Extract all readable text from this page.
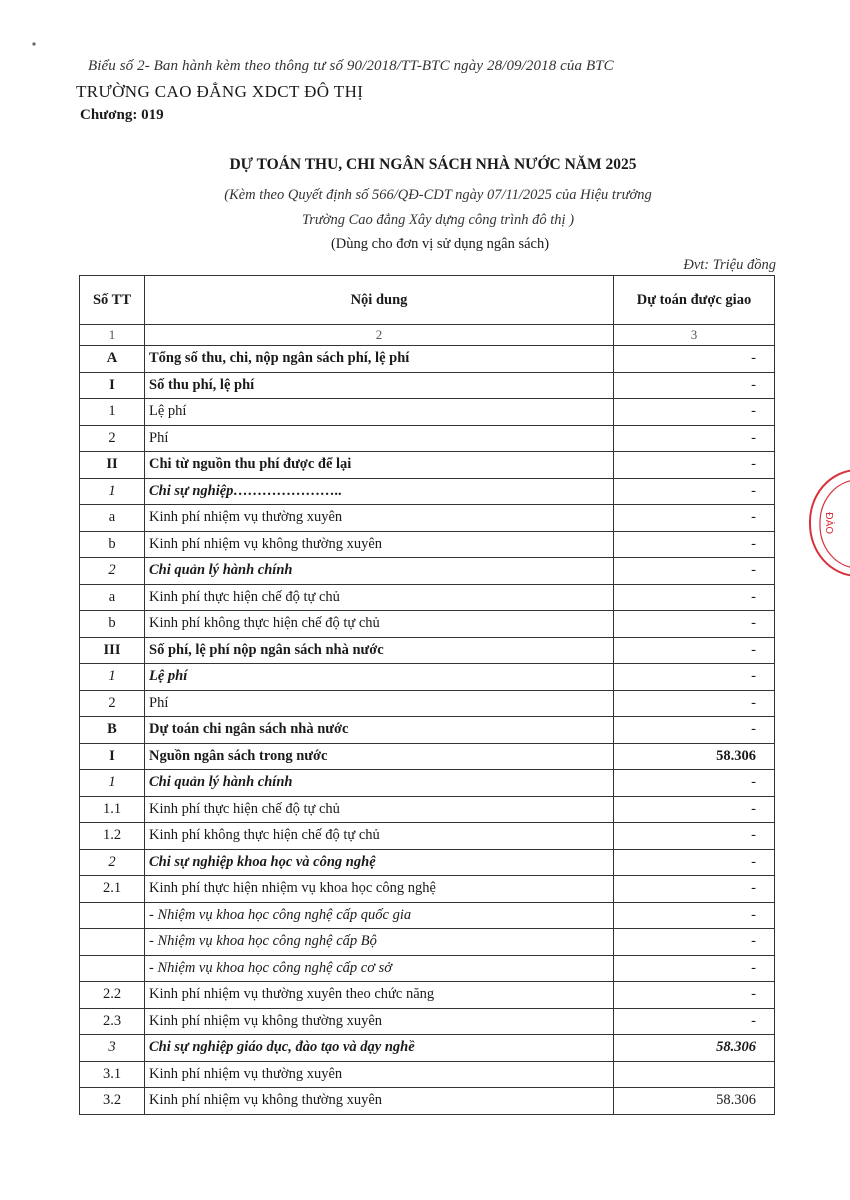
Biểu số 2- Ban hành kèm theo thông tư số 90/2018/TT-BTC ngày 28/09/2018 của BTC
TRƯỜNG CAO ĐẲNG XDCT ĐÔ THỊ
Chương: 019
DỰ TOÁN THU, CHI NGÂN SÁCH NHÀ NƯỚC NĂM 2025
(Kèm theo Quyết định số 566/QĐ-CDT ngày 07/11/2025 của Hiệu trưởng
Trường Cao đẳng Xây dựng công trình đô thị )
(Dùng cho đơn vị sử dụng ngân sách)
Đvt: Triệu đồng
Số TT	Nội dung	Dự toán được giao
1	2	3
A	Tổng số thu, chi, nộp ngân sách phí, lệ phí	-
I	Số thu phí, lệ phí	-
1	Lệ phí	-
2	Phí	-
II	Chi từ nguồn thu phí được để lại	-
1	Chi sự nghiệp…………………..	-
a	Kinh phí nhiệm vụ thường xuyên	-
b	Kinh phí nhiệm vụ không thường xuyên	-
2	Chi quản lý hành chính	-
a	Kinh phí thực hiện chế độ tự chủ	-
b	Kinh phí không thực hiện chế độ tự chủ	-
III	Số phí, lệ phí nộp ngân sách nhà nước	-
1	Lệ phí	-
2	Phí	-
B	Dự toán chi ngân sách nhà nước	-
I	Nguồn ngân sách trong nước	58.306
1	Chi quản lý hành chính	-
1.1	Kinh phí thực hiện chế độ tự chủ	-
1.2	Kinh phí không thực hiện chế độ tự chủ	-
2	Chi sự nghiệp khoa học và công nghệ	-
2.1	Kinh phí thực hiện nhiệm vụ khoa học công nghệ	-
	- Nhiệm vụ khoa học công nghệ cấp quốc gia	-
	- Nhiệm vụ khoa học công nghệ cấp Bộ	-
	- Nhiệm vụ khoa học công nghệ cấp cơ sở	-
2.2	Kinh phí nhiệm vụ thường xuyên theo chức năng	-
2.3	Kinh phí nhiệm vụ không thường xuyên	-
3	Chi sự nghiệp giáo dục, đào tạo và dạy nghề	58.306
3.1	Kinh phí nhiệm vụ thường xuyên	
3.2	Kinh phí nhiệm vụ không thường xuyên	58.306
ĐÀO
